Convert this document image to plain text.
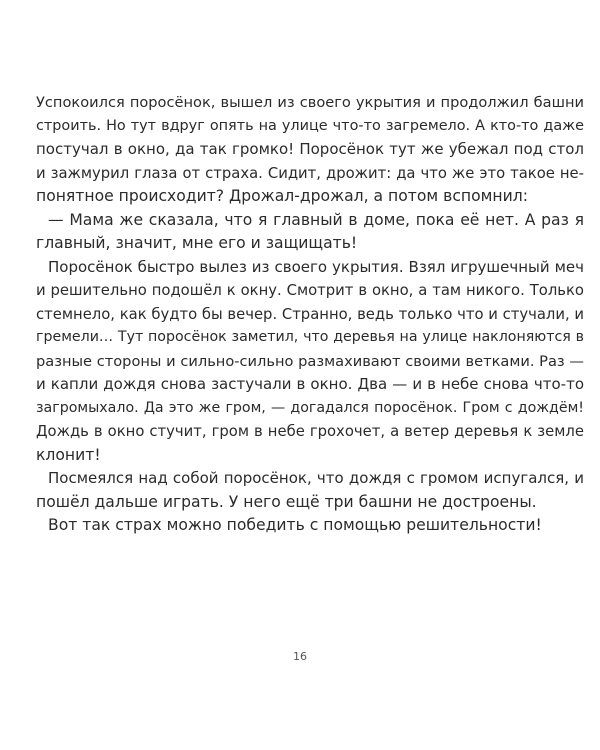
Успокоился поросёнок, вышел из своего укрытия и продолжил башни
строить. Но тут вдруг опять на улице что-то загремело. А кто-то даже
постучал в окно, да так громко! Поросёнок тут же убежал под стол
и зажмурил глаза от страха. Сидит, дрожит: да что же это такое не-
понятное происходит? Дрожал-дрожал, а потом вспомнил:
— Мама же сказала, что я главный в доме, пока её нет. А раз я
главный, значит, мне его и защищать!
Поросёнок быстро вылез из своего укрытия. Взял игрушечный меч
и решительно подошёл к окну. Смотрит в окно, а там никого. Только
стемнело, как будто бы вечер. Странно, ведь только что и стучали, и
гремели… Тут поросёнок заметил, что деревья на улице наклоняются в
разные стороны и сильно-сильно размахивают своими ветками. Раз —
и капли дождя снова застучали в окно. Два — и в небе снова что-то
загромыхало. Да это же гром, — догадался поросёнок. Гром с дождём!
Дождь в окно стучит, гром в небе грохочет, а ветер деревья к земле
клонит!
Посмеялся над собой поросёнок, что дождя с громом испугался, и
пошёл дальше играть. У него ещё три башни не достроены.
Вот так страх можно победить с помощью решительности!
16
